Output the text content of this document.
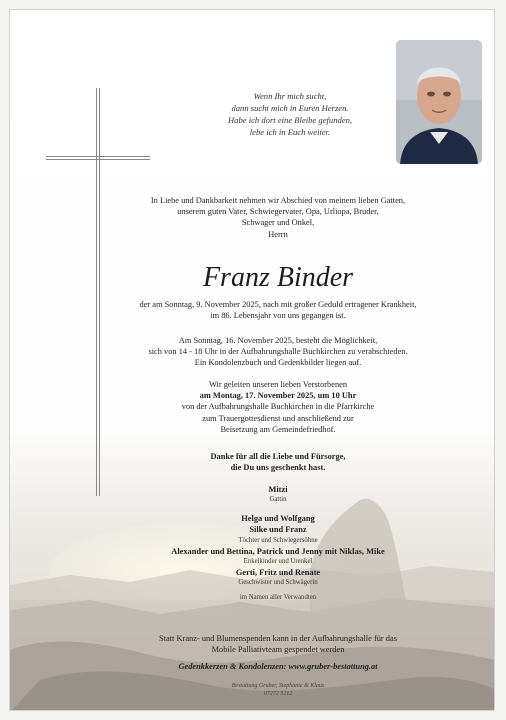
Wenn Ihr mich sucht,
dann sucht mich in Euren Herzen.
Habe ich dort eine Bleibe gefunden,
lebe ich in Euch weiter.
In Liebe und Dankbarkeit nehmen wir Abschied von meinem lieben Gatten,
unserem guten Vater, Schwiegervater, Opa, Urliopa, Bruder,
Schwager und Onkel,
Herrn
Franz Binder
der am Sonntag, 9. November 2025, nach mit großer Geduld ertragener Krankheit,
im 86. Lebensjahr von uns gegangen ist.
Am Sonntag, 16. November 2025, besteht die Möglichkeit,
sich von 14 - 18 Uhr in der Aufbahrungshalle Buchkirchen zu verabschieden.
Ein Kondolenzbuch und Gedenkbilder liegen auf.
Wir geleiten unseren lieben Verstorbenen
am Montag, 17. November 2025, um 10 Uhr
von der Aufbahrungshalle Buchkirchen in die Pfarrkirche
zum Trauergottesdienst und anschließend zur
Beisetzung am Gemeindefriedhof.
Danke für all die Liebe und Fürsorge,
die Du uns geschenkt hast.
Mitzi
Gattin
Helga und Wolfgang
Silke und Franz
Töchter und Schwiegersöhne
Alexander und Bettina, Patrick und Jenny mit Niklas, Mike
Enkelkinder und Urenkel
Gerti, Fritz und Renate
Geschwister und Schwägerin
im Namen aller Verwandten
Statt Kranz- und Blumenspenden kann in der Aufbahrungshalle für das
Mobile Palliativteam gespendet werden
Gedenkkerzen & Kondolenzen: www.gruber-bestattung.at
Bestattung Gruber, Stephanie & Klaus
07272 5212
